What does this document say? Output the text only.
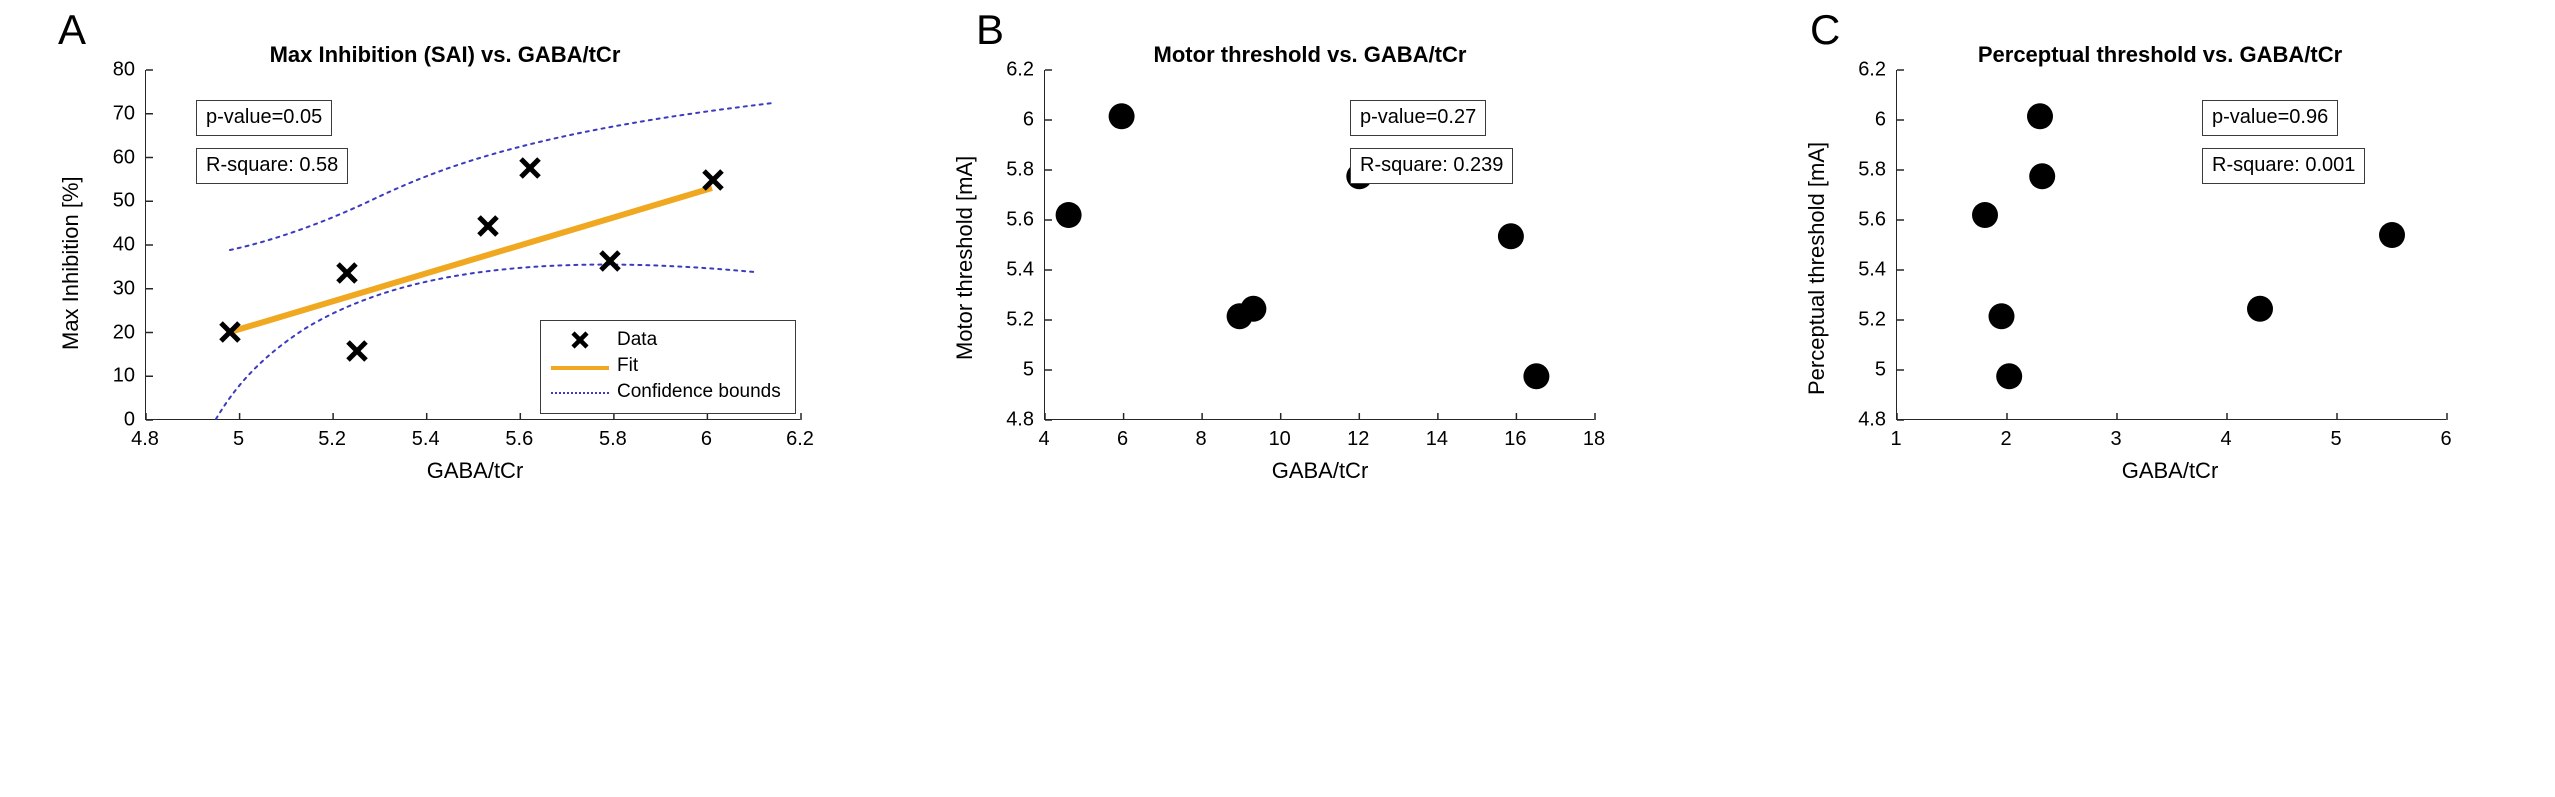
A
Max Inhibition (SAI) vs. GABA/tCr
4.8	5	5.2	5.4	5.6	5.8	6	6.2
0
10
20
30
40
50
60
70
80
GABA/tCr
Max Inhibition [%]
p-value=0.05
R-square: 0.58
Data
Fit
Confidence bounds
B
Motor threshold vs. GABA/tCr
4	6	8	10	12	14	16	18
4.8
5
5.2
5.4
5.6
5.8
6
6.2
GABA/tCr
Motor threshold [mA]
p-value=0.27
R-square: 0.239
C
Perceptual threshold vs. GABA/tCr
1	2	3	4	5	6
4.8
5
5.2
5.4
5.6
5.8
6
6.2
GABA/tCr
Perceptual threshold [mA]
p-value=0.96
R-square: 0.001
